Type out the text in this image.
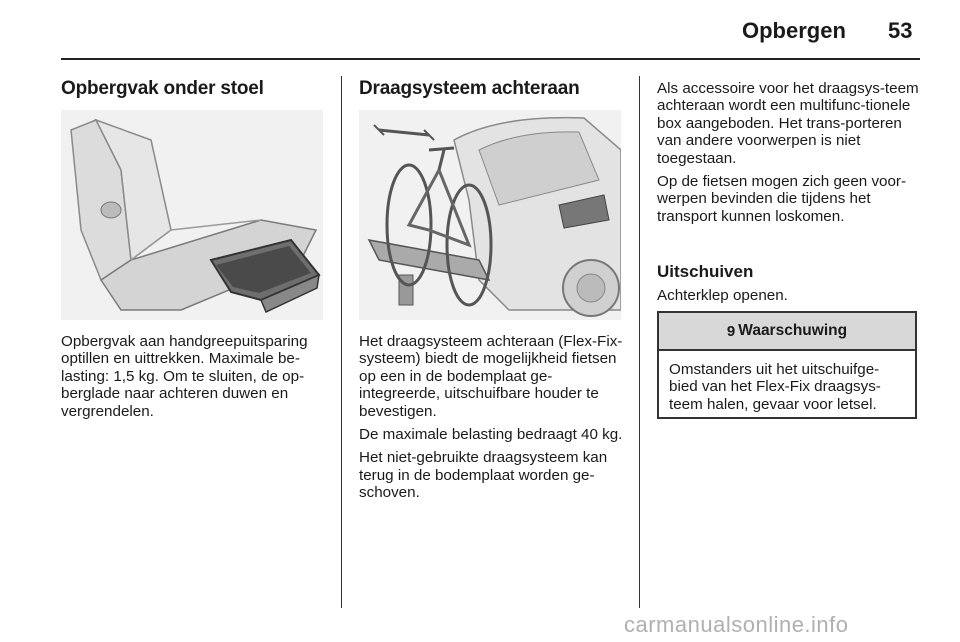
Opbergen 53
Opbergvak onder stoel
Opbergvak aan handgreepuitsparing optillen en uittrekken. Maximale be-lasting: 1,5 kg. Om te sluiten, de op-berglade naar achteren duwen en vergrendelen.
Draagsysteem achteraan

Het draagsysteem achteraan (Flex-Fix-systeem) biedt de mogelijkheid fietsen op een in de bodemplaat ge-integreerde, uitschuifbare houder te bevestigen.

De maximale belasting bedraagt 40 kg.

Het niet-gebruikte draagsysteem kan terug in de bodemplaat worden ge-schoven.

Als accessoire voor het draagsys-teem achteraan wordt een multifunc-tionele box aangeboden. Het trans-porteren van andere voorwerpen is niet toegestaan.

Op de fietsen mogen zich geen voor-werpen bevinden die tijdens het transport kunnen loskomen.

Uitschuiven
Achterklep openen.
9 Waarschuwing
Omstanders uit het uitschuifge-bied van het Flex-Fix draagsys-teem halen, gevaar voor letsel.
carmanualsonline.info
